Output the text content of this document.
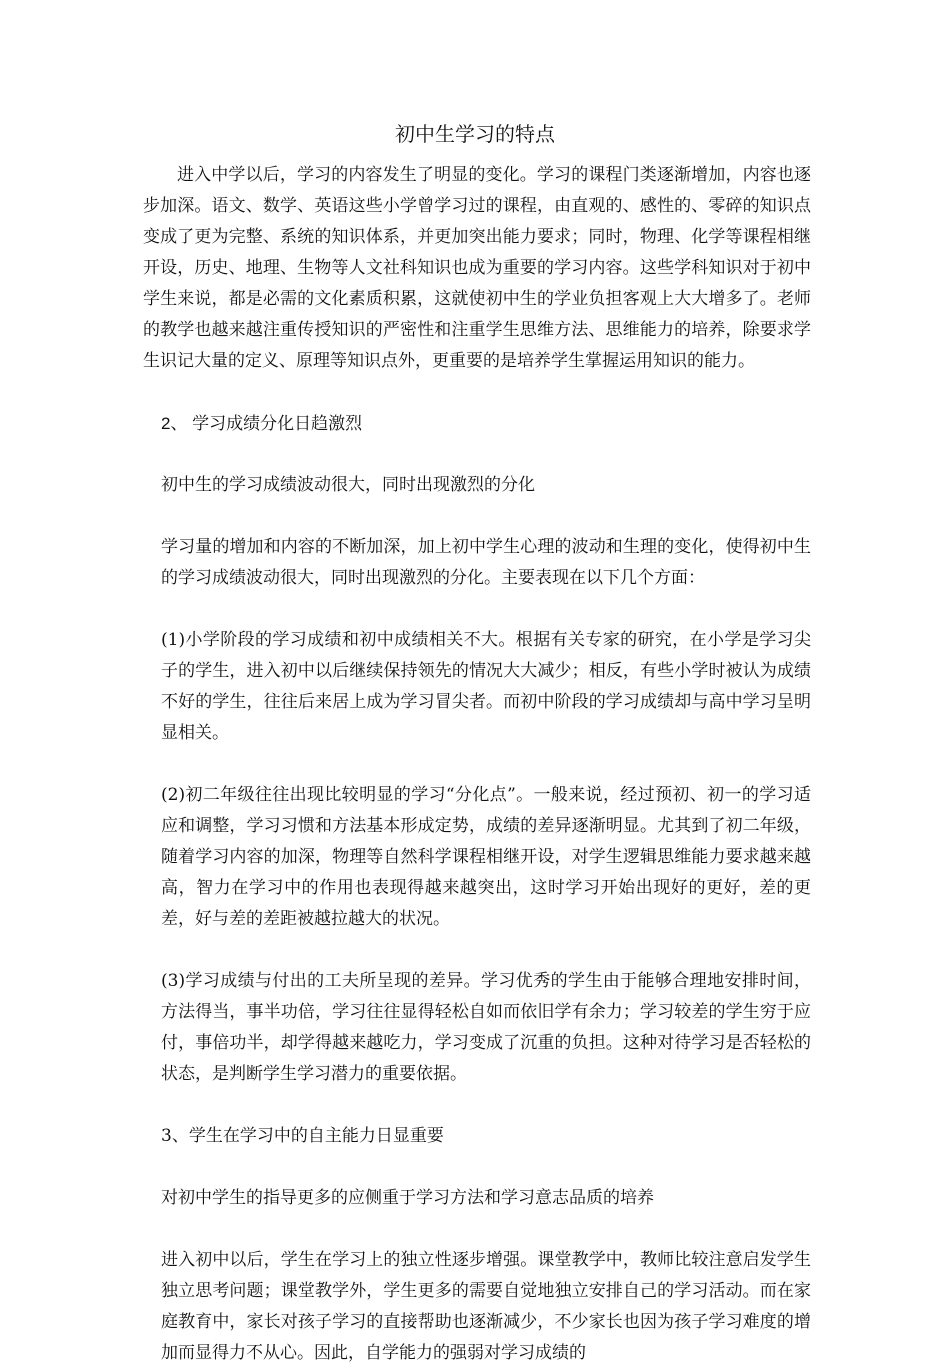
初中生学习的特点

进入中学以后，学习的内容发生了明显的变化。学习的课程门类逐渐增加，内容也逐步加深。语文、数学、英语这些小学曾学习过的课程，由直观的、感性的、零碎的知识点变成了更为完整、系统的知识体系，并更加突出能力要求；同时，物理、化学等课程相继开设，历史、地理、生物等人文社科知识也成为重要的学习内容。这些学科知识对于初中学生来说，都是必需的文化素质积累，这就使初中生的学业负担客观上大大增多了。老师的教学也越来越注重传授知识的严密性和注重学生思维方法、思维能力的培养，除要求学生识记大量的定义、原理等知识点外，更重要的是培养学生掌握运用知识的能力。

2、 学习成绩分化日趋激烈

初中生的学习成绩波动很大，同时出现激烈的分化

学习量的增加和内容的不断加深，加上初中学生心理的波动和生理的变化，使得初中生的学习成绩波动很大，同时出现激烈的分化。主要表现在以下几个方面：

(1)小学阶段的学习成绩和初中成绩相关不大。根据有关专家的研究，在小学是学习尖子的学生，进入初中以后继续保持领先的情况大大减少；相反，有些小学时被认为成绩不好的学生，往往后来居上成为学习冒尖者。而初中阶段的学习成绩却与高中学习呈明显相关。

(2)初二年级往往出现比较明显的学习“分化点”。一般来说，经过预初、初一的学习适应和调整，学习习惯和方法基本形成定势，成绩的差异逐渐明显。尤其到了初二年级，随着学习内容的加深，物理等自然科学课程相继开设，对学生逻辑思维能力要求越来越高，智力在学习中的作用也表现得越来越突出，这时学习开始出现好的更好，差的更差，好与差的差距被越拉越大的状况。

(3)学习成绩与付出的工夫所呈现的差异。学习优秀的学生由于能够合理地安排时间，方法得当，事半功倍，学习往往显得轻松自如而依旧学有余力；学习较差的学生穷于应付，事倍功半，却学得越来越吃力，学习变成了沉重的负担。这种对待学习是否轻松的状态，是判断学生学习潜力的重要依据。

3、学生在学习中的自主能力日显重要

对初中学生的指导更多的应侧重于学习方法和学习意志品质的培养

进入初中以后，学生在学习上的独立性逐步增强。课堂教学中，教师比较注意启发学生独立思考问题；课堂教学外，学生更多的需要自觉地独立安排自己的学习活动。而在家庭教育中，家长对孩子学习的直接帮助也逐渐减少，不少家长也因为孩子学习难度的增加而显得力不从心。因此，自学能力的强弱对学习成绩的
